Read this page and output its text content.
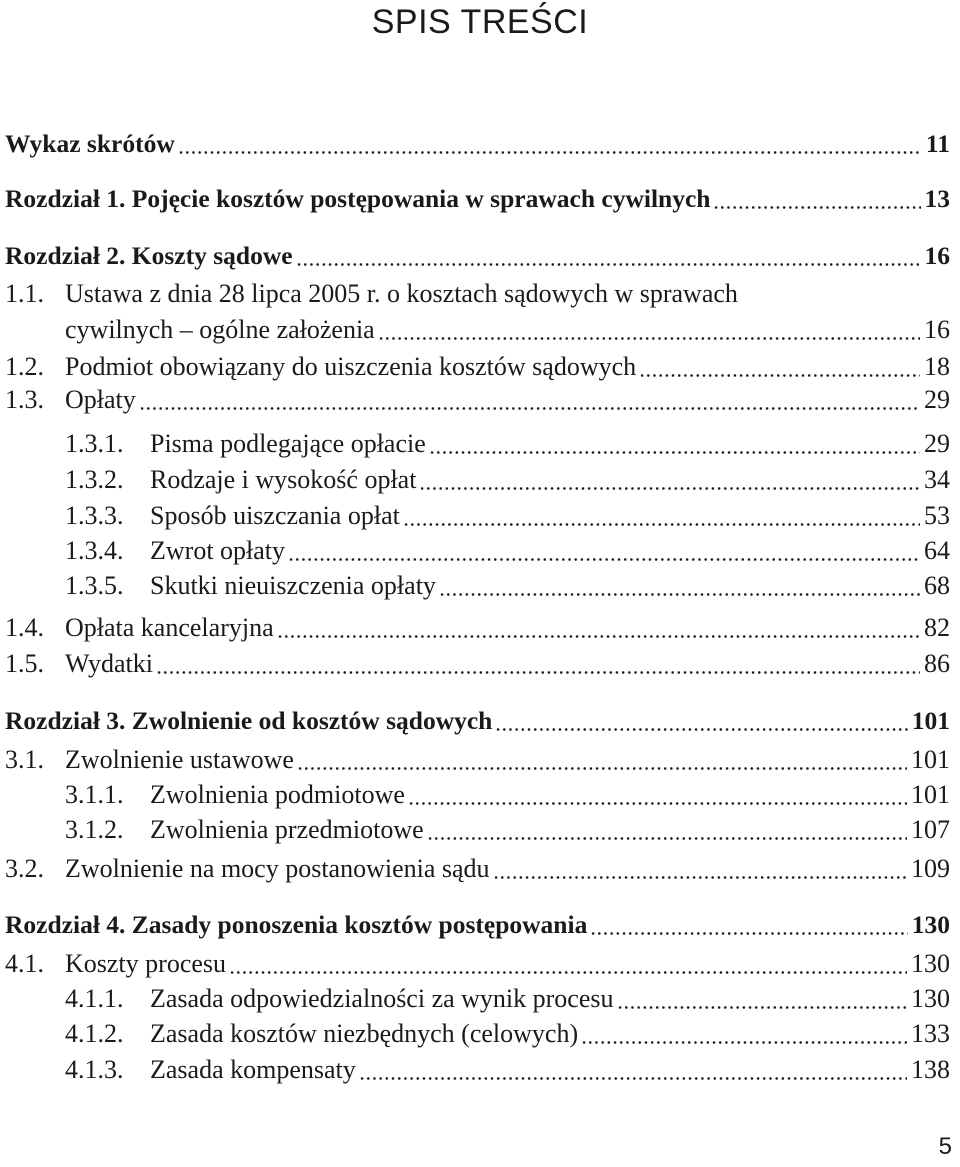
SPIS TREŚCI
Wykaz skrótów	11
Rozdział 1. Pojęcie kosztów postępowania w sprawach cywilnych	13
Rozdział 2. Koszty sądowe	16
1.1. Ustawa z dnia 28 lipca 2005 r. o kosztach sądowych w sprawach
cywilnych – ogólne założenia	16
1.2. Podmiot obowiązany do uiszczenia kosztów sądowych	18
1.3. Opłaty	29
1.3.1.	Pisma podlegające opłacie	29
1.3.2.	Rodzaje i wysokość opłat	34
1.3.3.	Sposób uiszczania opłat	53
1.3.4.	Zwrot opłaty	64
1.3.5.	Skutki nieuiszczenia opłaty	68
1.4. Opłata kancelaryjna	82
1.5. Wydatki	86
Rozdział 3. Zwolnienie od kosztów sądowych	101
3.1. Zwolnienie ustawowe	101
3.1.1.	Zwolnienia podmiotowe	101
3.1.2.	Zwolnienia przedmiotowe	107
3.2. Zwolnienie na mocy postanowienia sądu	109
Rozdział 4. Zasady ponoszenia kosztów postępowania	130
4.1. Koszty procesu	130
4.1.1.	Zasada odpowiedzialności za wynik procesu	130
4.1.2.	Zasada kosztów niezbędnych (celowych)	133
4.1.3.	Zasada kompensaty	138
5
